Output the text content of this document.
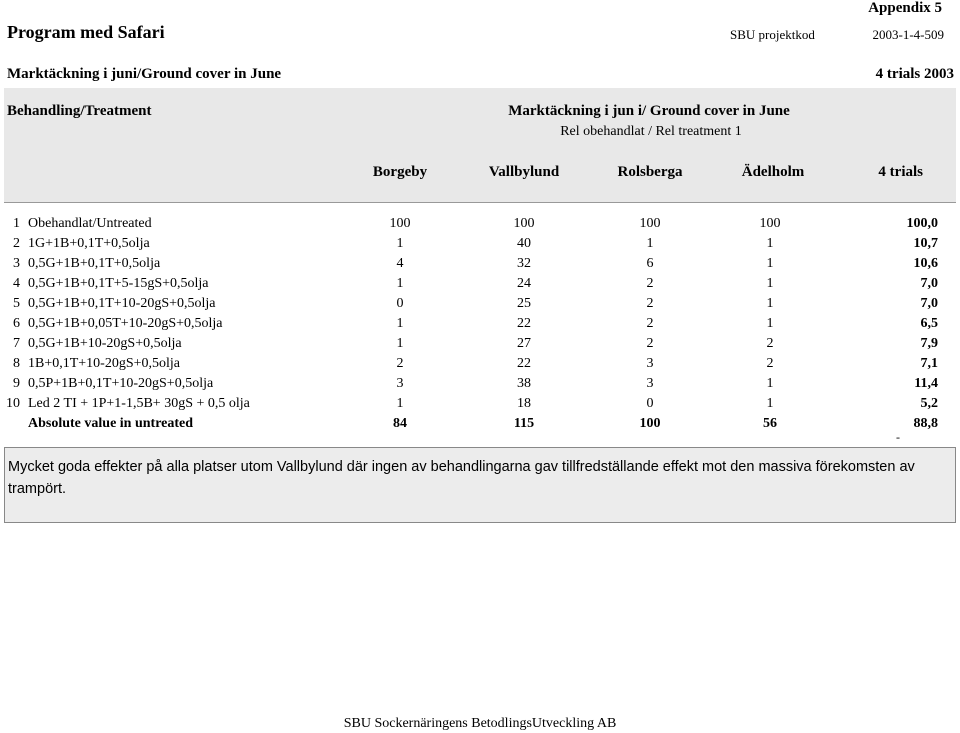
Appendix 5
Program med Safari	SBU projektkod	2003-1-4-509
Marktäckning i juni/Ground cover in June	4 trials 2003
Behandling/Treatment	Marktäckning i jun i/ Ground cover in June
Rel obehandlat / Rel treatment 1
Borgeby	Vallbylund	Rolsberga	Ädelholm	4 trials
1 Obehandlat/Untreated	100	100	100	100	100,0
2 1G+1B+0,1T+0,5olja	1	40	1	1	10,7
3 0,5G+1B+0,1T+0,5olja	4	32	6	1	10,6
4 0,5G+1B+0,1T+5-15gS+0,5olja	1	24	2	1	7,0
5 0,5G+1B+0,1T+10-20gS+0,5olja	0	25	2	1	7,0
6 0,5G+1B+0,05T+10-20gS+0,5olja	1	22	2	1	6,5
7 0,5G+1B+10-20gS+0,5olja	1	27	2	2	7,9
8 1B+0,1T+10-20gS+0,5olja	2	22	3	2	7,1
9 0,5P+1B+0,1T+10-20gS+0,5olja	3	38	3	1	11,4
10 Led 2 TI + 1P+1-1,5B+ 30gS + 0,5 olja	1	18	0	1	5,2
Absolute value in untreated	84	115	100	56	88,8
-
Mycket goda effekter på alla platser utom Vallbylund där ingen av behandlingarna gav tillfredställande effekt mot den massiva förekomsten av trampört.
SBU Sockernäringens BetodlingsUtveckling AB
